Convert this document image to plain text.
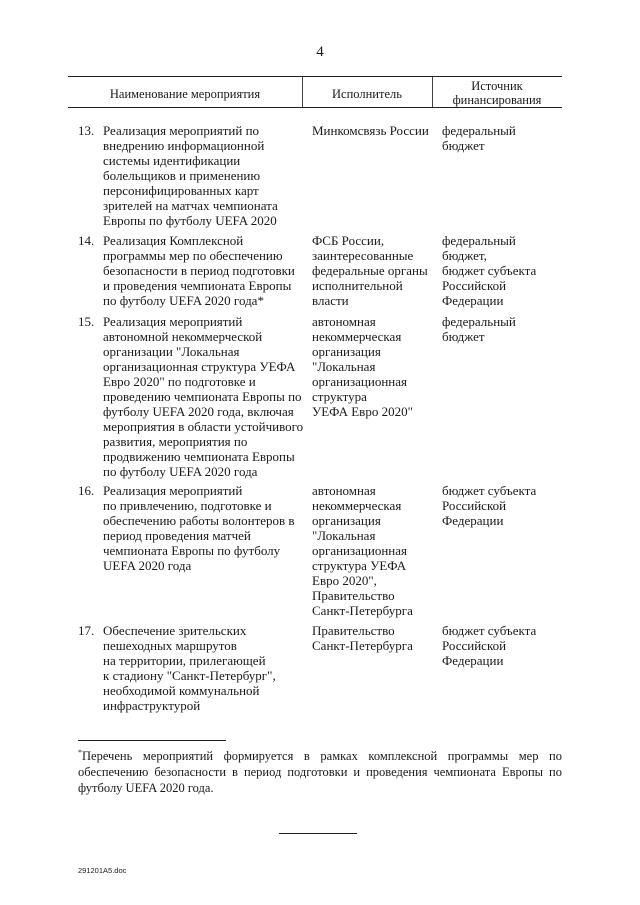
4
Наименование мероприятия	Исполнитель
Источник финансирования
13. Реализация мероприятий по
внедрению информационной
системы идентификации
болельщиков и применению
персонифицированных карт
зрителей на матчах чемпионата
Европы по футболу UEFA 2020
Минкомсвязь России	федеральный
бюджет
14. Реализация Комплексной
программы мер по обеспечению
безопасности в период подготовки
и проведения чемпионата Европы
по футболу UEFA 2020 года*
ФСБ России,
заинтересованные
федеральные органы
исполнительной
власти
федеральный
бюджет,
бюджет субъекта
Российской
Федерации
15. Реализация мероприятий
автономной некоммерческой
организации "Локальная
организационная структура УЕФА
Евро 2020" по подготовке и
проведению чемпионата Европы по
футболу UEFA 2020 года, включая
мероприятия в области устойчивого
развития, мероприятия по
продвижению чемпионата Европы
по футболу UEFA 2020 года
автономная
некоммерческая
организация
"Локальная
организационная
структура
УЕФА Евро 2020"
федеральный
бюджет
16. Реализация мероприятий
по привлечению, подготовке и
обеспечению работы волонтеров в
период проведения матчей
чемпионата Европы по футболу
UEFA 2020 года
автономная
некоммерческая
организация
"Локальная
организационная
структура УЕФА
Евро 2020",
Правительство
Санкт-Петербурга
бюджет субъекта
Российской
Федерации
17. Обеспечение зрительских
пешеходных маршрутов
на территории, прилегающей
к стадиону "Санкт-Петербург",
необходимой коммунальной
инфраструктурой
Правительство
Санкт-Петербурга
бюджет субъекта
Российской
Федерации
*Перечень мероприятий формируется в рамках комплексной программы мер по обеспечению безопасности в период подготовки и проведения чемпионата Европы по футболу UEFA 2020 года.
291201A5.doc
